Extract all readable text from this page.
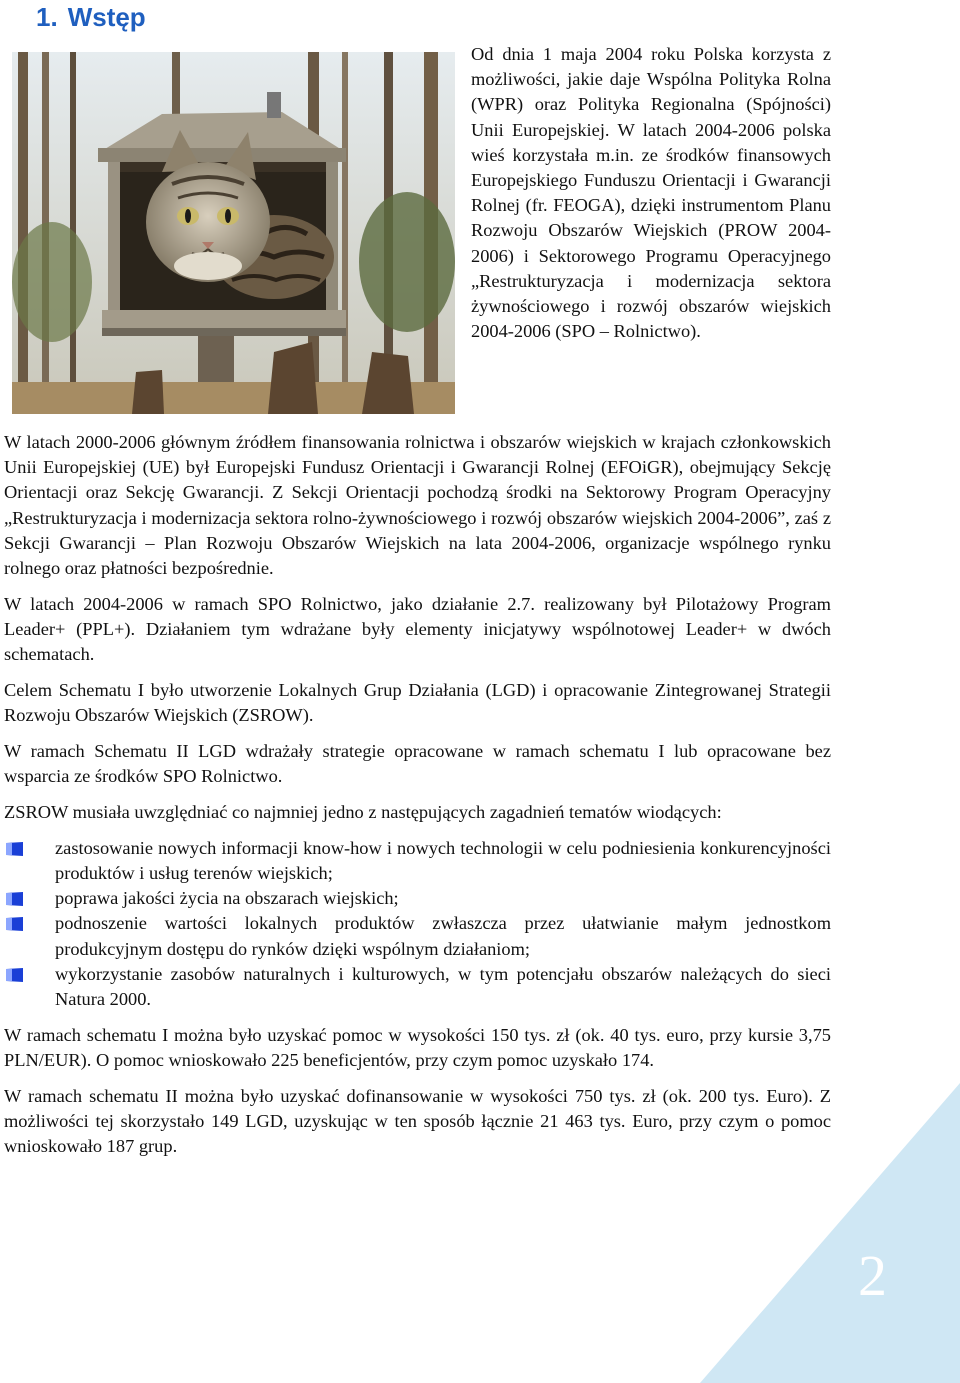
1. Wstęp

Od dnia 1 maja 2004 roku Polska korzysta z możliwości, jakie daje Wspólna Polityka Rolna (WPR) oraz Polityka Regionalna (Spójności) Unii Europejskiej. W latach 2004-2006 polska wieś korzystała m.in. ze środków finansowych Europejskiego Funduszu Orientacji i Gwarancji Rolnej (fr. FEOGA), dzięki instrumentom Planu Rozwoju Obszarów Wiejskich (PROW 2004-2006) i Sektorowego Programu Operacyjnego „Restrukturyzacja i modernizacja sektora żywnościowego i rozwój obszarów wiejskich 2004-2006 (SPO – Rolnictwo).

W latach 2000-2006 głównym źródłem finansowania rolnictwa i obszarów wiejskich w krajach członkowskich Unii Europejskiej (UE) był Europejski Fundusz Orientacji i Gwarancji Rolnej (EFOiGR), obejmujący Sekcję Orientacji oraz Sekcję Gwarancji. Z Sekcji Orientacji pochodzą środki na Sektorowy Program Operacyjny „Restrukturyzacja i modernizacja sektora rolno-żywnościowego i rozwój obszarów wiejskich 2004-2006”, zaś z Sekcji Gwarancji – Plan Rozwoju Obszarów Wiejskich na lata 2004-2006, organizacje wspólnego rynku rolnego oraz płatności bezpośrednie.

W latach 2004-2006 w ramach SPO Rolnictwo, jako działanie 2.7. realizowany był Pilotażowy Program Leader+ (PPL+). Działaniem tym wdrażane były elementy inicjatywy wspólnotowej Leader+ w dwóch schematach.

Celem Schematu I było utworzenie Lokalnych Grup Działania (LGD) i opracowanie Zintegrowanej Strategii Rozwoju Obszarów Wiejskich (ZSROW).

W ramach Schematu II LGD wdrażały strategie opracowane w ramach schematu I lub opracowane bez wsparcia ze środków SPO Rolnictwo.

ZSROW musiała uwzględniać co najmniej jedno z następujących zagadnień tematów wiodących:

zastosowanie nowych informacji know-how i nowych technologii w celu podniesienia konkurencyjności produktów i usług terenów wiejskich;
poprawa jakości życia na obszarach wiejskich;
podnoszenie wartości lokalnych produktów zwłaszcza przez ułatwianie małym jednostkom produkcyjnym dostępu do rynków dzięki wspólnym działaniom;
wykorzystanie zasobów naturalnych i kulturowych, w tym potencjału obszarów należących do sieci Natura 2000.

W ramach schematu I można było uzyskać pomoc w wysokości 150 tys. zł (ok. 40 tys. euro, przy kursie 3,75 PLN/EUR). O pomoc wnioskowało 225 beneficjentów, przy czym pomoc uzyskało 174.

W ramach schematu II można było uzyskać dofinansowanie w wysokości 750 tys. zł (ok. 200 tys. Euro). Z możliwości tej skorzystało 149 LGD, uzyskując w ten sposób łącznie 21 463 tys. Euro, przy czym o pomoc wnioskowało 187 grup.

2
